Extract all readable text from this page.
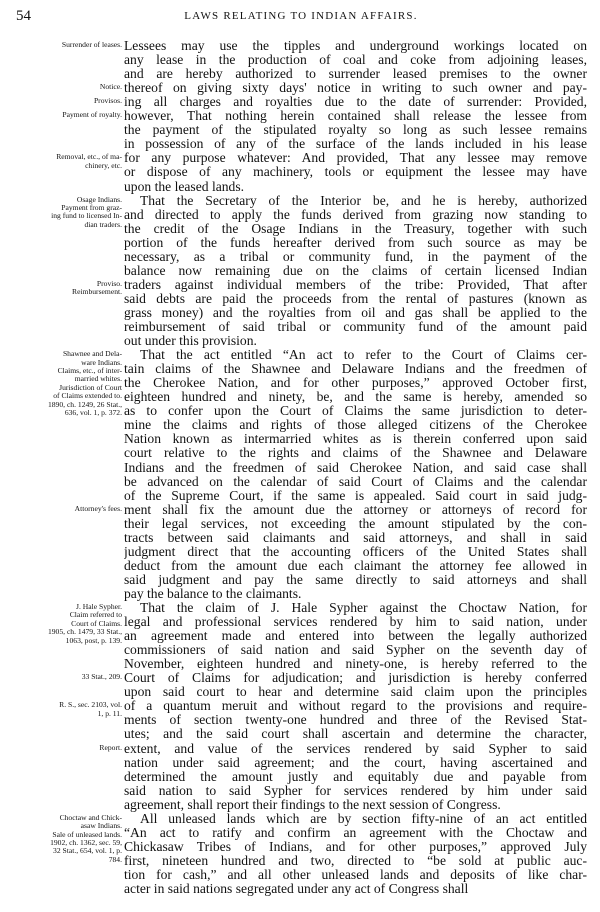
54	LAWS RELATING TO INDIAN AFFAIRS.
Surrender of leases.
Notice.
Provisos.
Payment of royalty.
Removal, etc., of ma-
chinery, etc.
Osage Indians.
Payment from graz-
ing fund to licensed In-
dian traders.
Proviso.
Reimbursement.
Shawnee and Dela-
ware Indians.
Claims, etc., of inter-
married whites.
Jurisdiction of Court
of Claims extended to.
1890, ch. 1249, 26 Stat.,
636, vol. 1, p. 372.
Attorney's fees.
J. Hale Sypher.
Claim referred to
Court of Claims.
1905, ch. 1479, 33 Stat.,
1063, post, p. 139.
33 Stat., 209.
R. S., sec. 2103, vol.
1, p. 11.
Report.
Choctaw and Chick-
asaw Indians.
Sale of unleased lands.
1902, ch. 1362, sec. 59,
32 Stat., 654, vol. 1, p.
784.
Lessees may use the tipples and underground workings located on
any lease in the production of coal and coke from adjoining leases,
and are hereby authorized to surrender leased premises to the owner
thereof on giving sixty days' notice in writing to such owner and pay-
ing all charges and royalties due to the date of surrender: Provided,
however, That nothing herein contained shall release the lessee from
the payment of the stipulated royalty so long as such lessee remains
in possession of any of the surface of the lands included in his lease
for any purpose whatever: And provided, That any lessee may remove
or dispose of any machinery, tools or equipment the lessee may have
upon the leased lands.
That the Secretary of the Interior be, and he is hereby, authorized
and directed to apply the funds derived from grazing now standing to
the credit of the Osage Indians in the Treasury, together with such
portion of the funds hereafter derived from such source as may be
necessary, as a tribal or community fund, in the payment of the
balance now remaining due on the claims of certain licensed Indian
traders against individual members of the tribe: Provided, That after
said debts are paid the proceeds from the rental of pastures (known as
grass money) and the royalties from oil and gas shall be applied to the
reimbursement of said tribal or community fund of the amount paid
out under this provision.
That the act entitled “An act to refer to the Court of Claims cer-
tain claims of the Shawnee and Delaware Indians and the freedmen of
the Cherokee Nation, and for other purposes,” approved October first,
eighteen hundred and ninety, be, and the same is hereby, amended so
as to confer upon the Court of Claims the same jurisdiction to deter-
mine the claims and rights of those alleged citizens of the Cherokee
Nation known as intermarried whites as is therein conferred upon said
court relative to the rights and claims of the Shawnee and Delaware
Indians and the freedmen of said Cherokee Nation, and said case shall
be advanced on the calendar of said Court of Claims and the calendar
of the Supreme Court, if the same is appealed. Said court in said judg-
ment shall fix the amount due the attorney or attorneys of record for
their legal services, not exceeding the amount stipulated by the con-
tracts between said claimants and said attorneys, and shall in said
judgment direct that the accounting officers of the United States shall
deduct from the amount due each claimant the attorney fee allowed in
said judgment and pay the same directly to said attorneys and shall
pay the balance to the claimants.
That the claim of J. Hale Sypher against the Choctaw Nation, for
legal and professional services rendered by him to said nation, under
an agreement made and entered into between the legally authorized
commissioners of said nation and said Sypher on the seventh day of
November, eighteen hundred and ninety-one, is hereby referred to the
Court of Claims for adjudication; and jurisdiction is hereby conferred
upon said court to hear and determine said claim upon the principles
of a quantum meruit and without regard to the provisions and require-
ments of section twenty-one hundred and three of the Revised Stat-
utes; and the said court shall ascertain and determine the character,
extent, and value of the services rendered by said Sypher to said
nation under said agreement; and the court, having ascertained and
determined the amount justly and equitably due and payable from
said nation to said Sypher for services rendered by him under said
agreement, shall report their findings to the next session of Congress.
All unleased lands which are by section fifty-nine of an act entitled
“An act to ratify and confirm an agreement with the Choctaw and
Chickasaw Tribes of Indians, and for other purposes,” approved July
first, nineteen hundred and two, directed to “be sold at public auc-
tion for cash,” and all other unleased lands and deposits of like char-
acter in said nations segregated under any act of Congress shall
